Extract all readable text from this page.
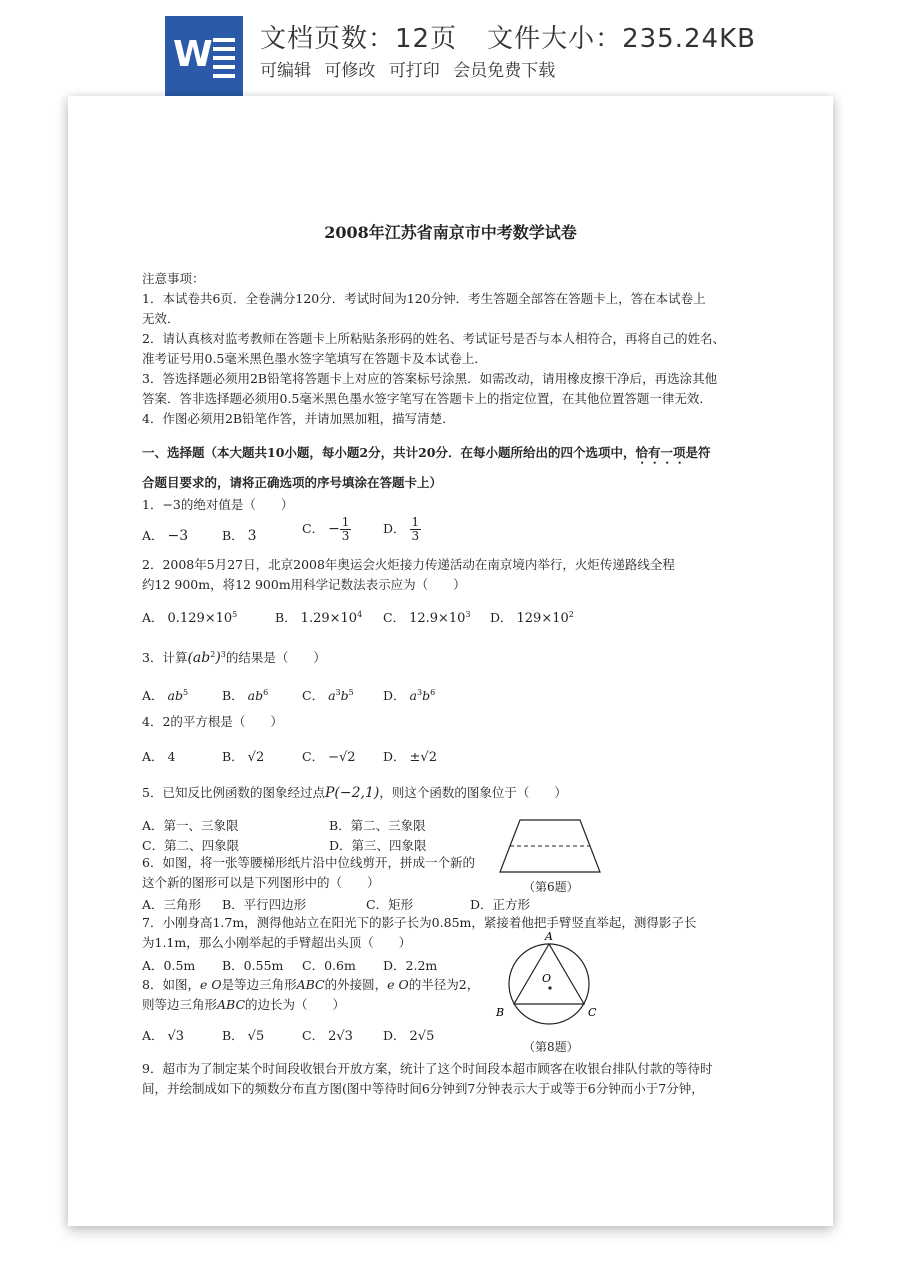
W 文档页数：12页 文件大小：235.24KB
可编辑 可修改 可打印 会员免费下载
2008年江苏省南京市中考数学试卷
注意事项：
1．本试卷共6页．全卷满分120分．考试时间为120分钟．考生答题全部答在答题卡上，答在本试卷上
无效．
2．请认真核对监考教师在答题卡上所粘贴条形码的姓名、考试证号是否与本人相符合，再将自己的姓名、
准考证号用0.5毫米黑色墨水签字笔填写在答题卡及本试卷上．
3．答选择题必须用2B铅笔将答题卡上对应的答案标号涂黑．如需改动，请用橡皮擦干净后，再选涂其他
答案．答非选择题必须用0.5毫米黑色墨水签字笔写在答题卡上的指定位置，在其他位置答题一律无效．
4．作图必须用2B铅笔作答，并请加黑加粗，描写清楚．
一、选择题（本大题共10小题，每小题2分，共计20分．在每小题所给出的四个选项中，恰有一项是符
合题目要求的，请将正确选项的序号填涂在答题卡上）
1．−3的绝对值是（　　）
A． −3	B． 3	C． − $\frac{1}{3}$	D． $\frac{1}{3}$
2．2008年5月27日，北京2008年奥运会火炬接力传递活动在南京境内举行，火炬传递路线全程
约12 900m，将12 900m用科学记数法表示应为（　　）
A． $0.129\times 10^5$	B． $1.29\times 10^4$ C． $12.9\times 10^3$ D． $129\times 10^2$
3．计算$(ab^2)^3$的结果是（　　）
A． $ab^5$	B． $ab^6$	C． $a^3b^5$ D． $a^3b^6$
4．2的平方根是（　　）
A． 4	B． √2	C． −√2 D． ±√2
5．已知反比例函数的图象经过点P(−2,1)，则这个函数的图象位于（　　）
A．第一、三象限	B．第二、三象限
C．第二、四象限	D．第三、四象限
6．如图，将一张等腰梯形纸片沿中位线剪开，拼成一个新的
这个新的图形可以是下列图形中的（　　）
A．三角形 B．平行四边形	C．矩形	D．正方形
（第6题）
7．小刚身高1.7m，测得他站立在阳光下的影子长为0.85m，紧接着他把手臂竖直举起，测得影子长
为1.1m，那么小刚举起的手臂超出头顶（　　）
A．0.5m B．0.55m C．0.6m D．2.2m
8．如图，e O是等边三角形ABC的外接圆，e O的半径为2，
则等边三角形ABC的边长为（　　）
A． √3	B． √5	C． 2√3 D． 2√5
A
O
B	C
（第8题）
9．超市为了制定某个时间段收银台开放方案，统计了这个时间段本超市顾客在收银台排队付款的等待时
间，并绘制成如下的频数分布直方图(图中等待时间6分钟到7分钟表示大于或等于6分钟而小于7分钟，
